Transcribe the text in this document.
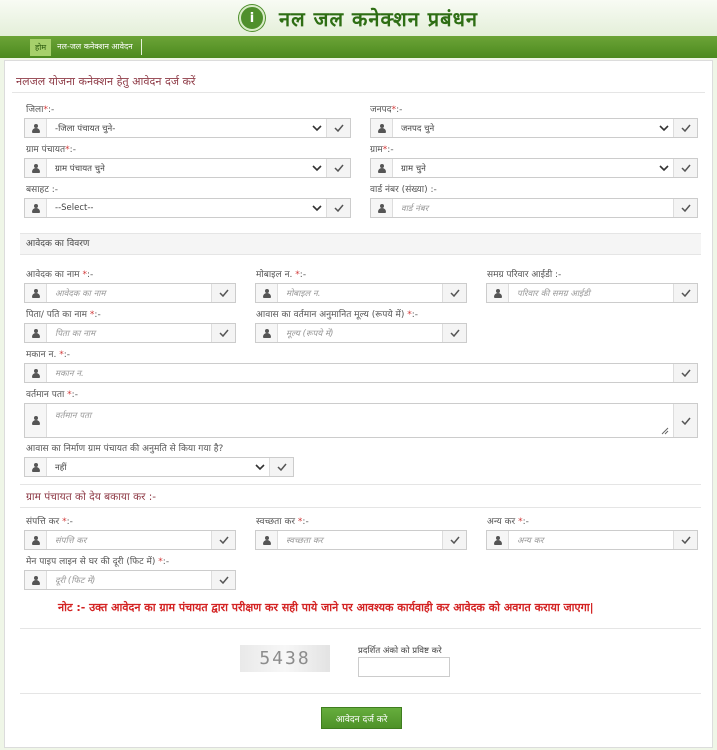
i नल जल कनेक्शन प्रबंधन
होम	नल-जल कनेक्शन आवेदन
नलजल योजना कनेक्शन हेतु आवेदन दर्ज करें
जिला*:-
-जिला पंचायत चुने-
जनपद*:-
जनपद चुने
ग्राम पंचायत*:-
ग्राम पंचायत चुने
ग्राम*:-
ग्राम चुने
बसाहट :-
--Select--
वार्ड नंबर (संख्या) :-
वार्ड नंबर
आवेदक का विवरण
आवेदक का नाम *:-
आवेदक का नाम
मोबाइल न. *:-
मोबाइल न.
समग्र परिवार आईडी :-
परिवार की समग्र आईडी
पिता/ पति का नाम *:-
पिता का नाम
आवास का वर्तमान अनुमानित मूल्य (रूपये में) *:-
मूल्य (रूपये में)
मकान न. *:-
मकान न.
वर्तमान पता *:-
वर्तमान पता
आवास का निर्माण ग्राम पंचायत की अनुमति से किया गया है?
नहीं
ग्राम पंचायत को देय बकाया कर :-
संपत्ति कर *:-
संपत्ति कर
स्वच्छता कर *:-
स्वच्छता कर
अन्य कर *:-
अन्य कर
मेन पाइप लाइन से घर की दूरी (फिट में) *:-
दूरी (फिट में)
नोट :- उक्त आवेदन का ग्राम पंचायत द्वारा परीक्षण कर सही पाये जाने पर आवश्यक कार्यवाही कर आवेदक को अवगत कराया जाएगा|
5438	प्रदर्शित अंको को प्रविष्ट करे
आवेदन दर्ज करे
